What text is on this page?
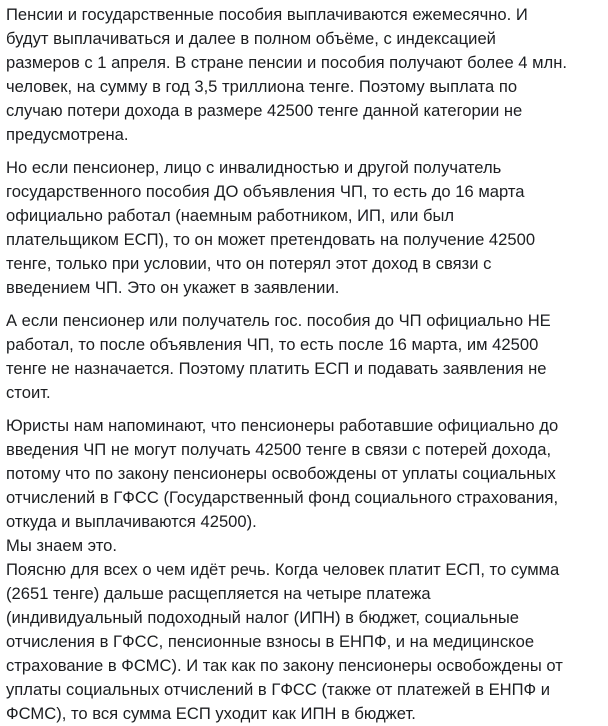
Пенсии и государственные пособия выплачиваются ежемесячно. И
будут выплачиваться и далее в полном объёме, с индексацией
размеров с 1 апреля. В стране пенсии и пособия получают более 4 млн.
человек, на сумму в год 3,5 триллиона тенге. Поэтому выплата по
случаю потери дохода в размере 42500 тенге данной категории не
предусмотрена.
Но если пенсионер, лицо с инвалидностью и другой получатель
государственного пособия ДО объявления ЧП, то есть до 16 марта
официально работал (наемным работником, ИП, или был
плательщиком ЕСП), то он может претендовать на получение 42500
тенге, только при условии, что он потерял этот доход в связи с
введением ЧП. Это он укажет в заявлении.
А если пенсионер или получатель гос. пособия до ЧП официально НЕ
работал, то после объявления ЧП, то есть после 16 марта, им 42500
тенге не назначается. Поэтому платить ЕСП и подавать заявления не
стоит.
Юристы нам напоминают, что пенсионеры работавшие официально до
введения ЧП не могут получать 42500 тенге в связи с потерей дохода,
потому что по закону пенсионеры освобождены от уплаты социальных
отчислений в ГФСС (Государственный фонд социального страхования,
откуда и выплачиваются 42500).
Мы знаем это.
Поясню для всех о чем идёт речь. Когда человек платит ЕСП, то сумма
(2651 тенге) дальше расщепляется на четыре платежа
(индивидуальный подоходный налог (ИПН) в бюджет, социальные
отчисления в ГФСС, пенсионные взносы в ЕНПФ, и на медицинское
страхование в ФСМС). И так как по закону пенсионеры освобождены от
уплаты социальных отчислений в ГФСС (также от платежей в ЕНПФ и
ФСМС), то вся сумма ЕСП уходит как ИПН в бюджет.
